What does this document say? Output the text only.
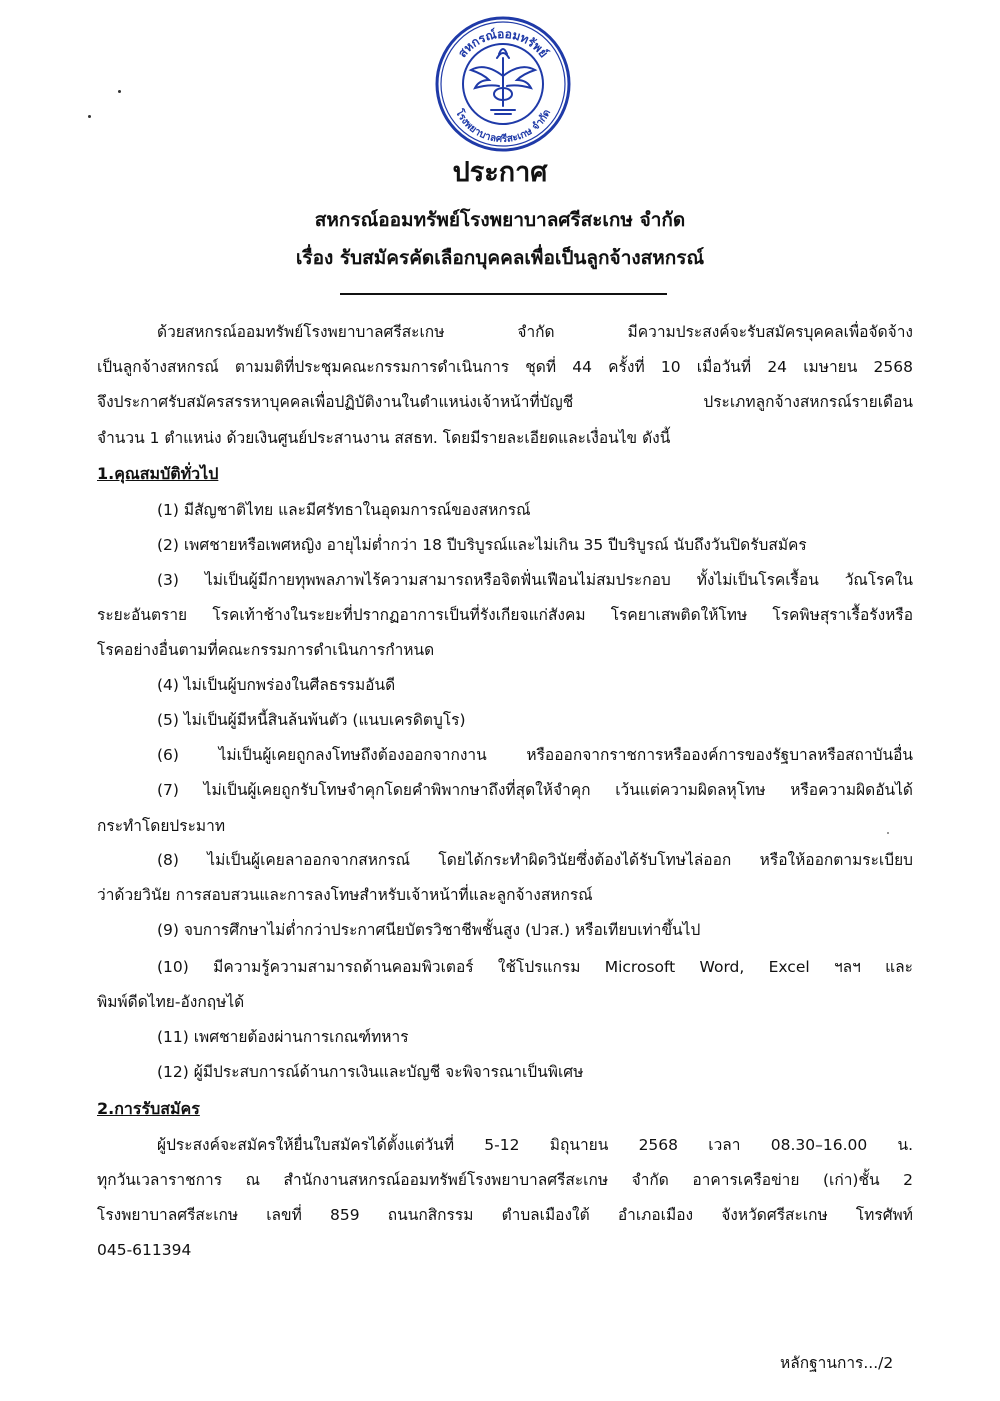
สหกรณ์ออมทรัพย์
โรงพยาบาลศรีสะเกษ จำกัด
ประกาศ
สหกรณ์ออมทรัพย์โรงพยาบาลศรีสะเกษ จำกัด
เรื่อง รับสมัครคัดเลือกบุคคลเพื่อเป็นลูกจ้างสหกรณ์
ด้วยสหกรณ์ออมทรัพย์โรงพยาบาลศรีสะเกษ จำกัด มีความประสงค์จะรับสมัครบุคคลเพื่อจัดจ้าง
เป็นลูกจ้างสหกรณ์ ตามมติที่ประชุมคณะกรรมการดำเนินการ ชุดที่ 44 ครั้งที่ 10 เมื่อวันที่ 24 เมษายน 2568
จึงประกาศรับสมัครสรรหาบุคคลเพื่อปฏิบัติงานในตำแหน่งเจ้าหน้าที่บัญชี ประเภทลูกจ้างสหกรณ์รายเดือน
จำนวน 1 ตำแหน่ง ด้วยเงินศูนย์ประสานงาน สสธท. โดยมีรายละเอียดและเงื่อนไข ดังนี้
1.คุณสมบัติทั่วไป
(1) มีสัญชาติไทย และมีศรัทธาในอุดมการณ์ของสหกรณ์
(2) เพศชายหรือเพศหญิง อายุไม่ต่ำกว่า 18 ปีบริบูรณ์และไม่เกิน 35 ปีบริบูรณ์ นับถึงวันปิดรับสมัคร
(3) ไม่เป็นผู้มีกายทุพพลภาพไร้ความสามารถหรือจิตฟั่นเฟือนไม่สมประกอบ ทั้งไม่เป็นโรคเรื้อน วัณโรคใน
ระยะอันตราย โรคเท้าช้างในระยะที่ปรากฏอาการเป็นที่รังเกียจแก่สังคม โรคยาเสพติดให้โทษ โรคพิษสุราเรื้อรังหรือ
โรคอย่างอื่นตามที่คณะกรรมการดำเนินการกำหนด
(4) ไม่เป็นผู้บกพร่องในศีลธรรมอันดี
(5) ไม่เป็นผู้มีหนี้สินล้นพ้นตัว (แนบเครดิตบูโร)
(6) ไม่เป็นผู้เคยถูกลงโทษถึงต้องออกจากงาน หรือออกจากราชการหรือองค์การของรัฐบาลหรือสถาบันอื่น
(7) ไม่เป็นผู้เคยถูกรับโทษจำคุกโดยคำพิพากษาถึงที่สุดให้จำคุก เว้นแต่ความผิดลหุโทษ หรือความผิดอันได้
กระทำโดยประมาท
(8) ไม่เป็นผู้เคยลาออกจากสหกรณ์ โดยได้กระทำผิดวินัยซึ่งต้องได้รับโทษไล่ออก หรือให้ออกตามระเบียบ
ว่าด้วยวินัย การสอบสวนและการลงโทษสำหรับเจ้าหน้าที่และลูกจ้างสหกรณ์
(9) จบการศึกษาไม่ต่ำกว่าประกาศนียบัตรวิชาชีพชั้นสูง (ปวส.) หรือเทียบเท่าขึ้นไป
(10) มีความรู้ความสามารถด้านคอมพิวเตอร์ ใช้โปรแกรม Microsoft Word, Excel ฯลฯ และ
พิมพ์ดีดไทย-อังกฤษได้
(11) เพศชายต้องผ่านการเกณฑ์ทหาร
(12) ผู้มีประสบการณ์ด้านการเงินและบัญชี จะพิจารณาเป็นพิเศษ
2.การรับสมัคร
ผู้ประสงค์จะสมัครให้ยื่นใบสมัครได้ตั้งแต่วันที่ 5-12 มิถุนายน 2568 เวลา 08.30–16.00 น.
ทุกวันเวลาราชการ ณ สำนักงานสหกรณ์ออมทรัพย์โรงพยาบาลศรีสะเกษ จำกัด อาคารเครือข่าย (เก่า)ชั้น 2
โรงพยาบาลศรีสะเกษ เลขที่ 859 ถนนกสิกรรม ตำบลเมืองใต้ อำเภอเมือง จังหวัดศรีสะเกษ โทรศัพท์
045-611394
หลักฐานการ.../2
